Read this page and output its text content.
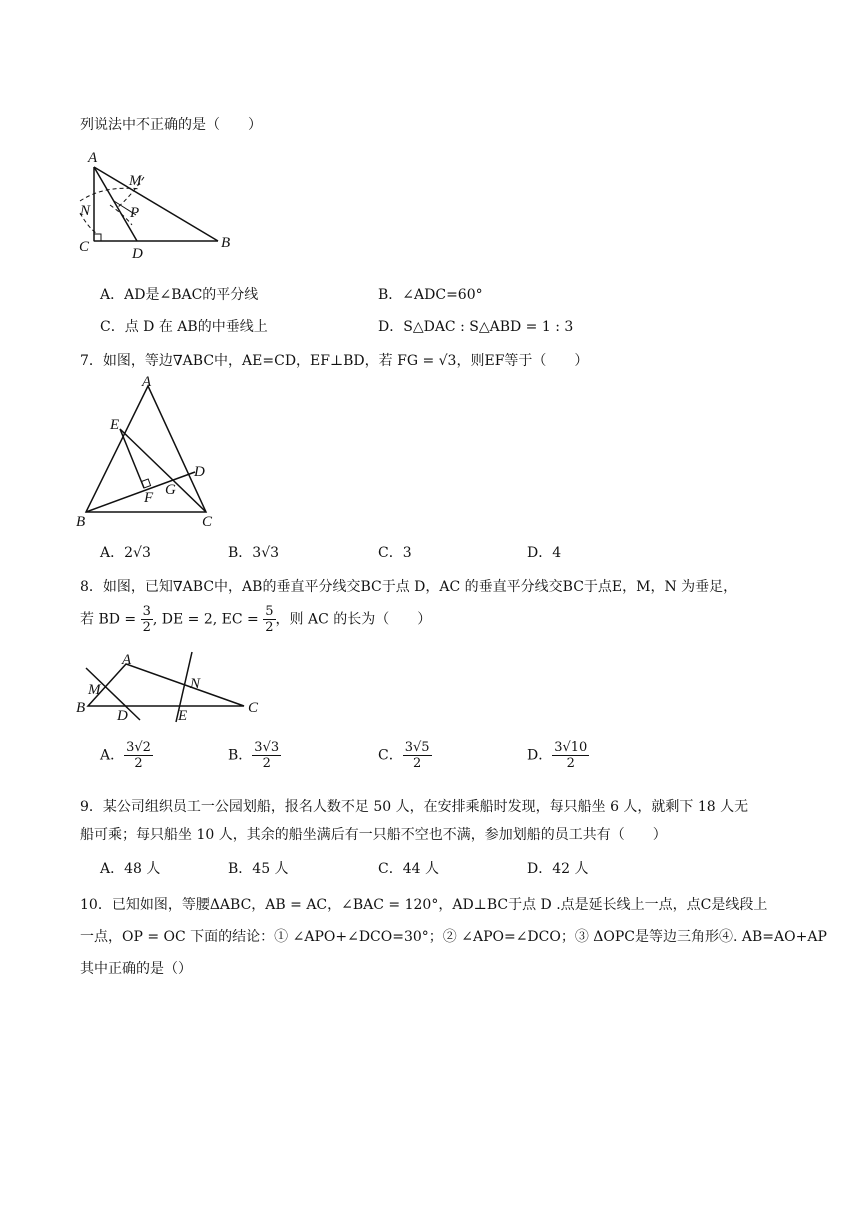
列说法中不正确的是（　　）
A
M
N	P
C	D
B
A．AD是∠BAC的平分线	B．∠ADC=60°
C．点 D 在 AB的中垂线上	D．S△DAC : S△ABD = 1 : 3
7．如图，等边∇ABC中，AE=CD，EF⊥BD，若 FG = √3，则EF等于（　　）
A
E
D
F G
B	C
A．2√3	B．3√3	C．3	D．4
8．如图，已知∇ABC中，AB的垂直平分线交BC于点 D，AC 的垂直平分线交BC于点E，M，N 为垂足，
若 BD = $\frac{3}{2}$ , DE = 2, EC = $\frac{5}{2}$ ，则 AC 的长为（　　）
A
M	N
B D	E	C
A． $\frac{3√2}{2}$	B． $\frac{3√3}{2}$	C． $\frac{3√5}{2}$	D． $\frac{3√10}{2}$
9．某公司组织员工一公园划船，报名人数不足 50 人，在安排乘船时发现，每只船坐 6 人，就剩下 18 人无
船可乘；每只船坐 10 人，其余的船坐满后有一只船不空也不满，参加划船的员工共有（　　）
A．48 人	B．45 人	C．44 人	D．42 人
10．已知如图，等腰ΔABC，AB = AC，∠BAC = 120°，AD⊥BC于点 D .点是延长线上一点，点C是线段上
一点，OP = OC 下面的结论：① ∠APO+∠DCO=30°；② ∠APO=∠DCO；③ ΔOPC是等边三角形④. AB=AO+AP
其中正确的是（）
